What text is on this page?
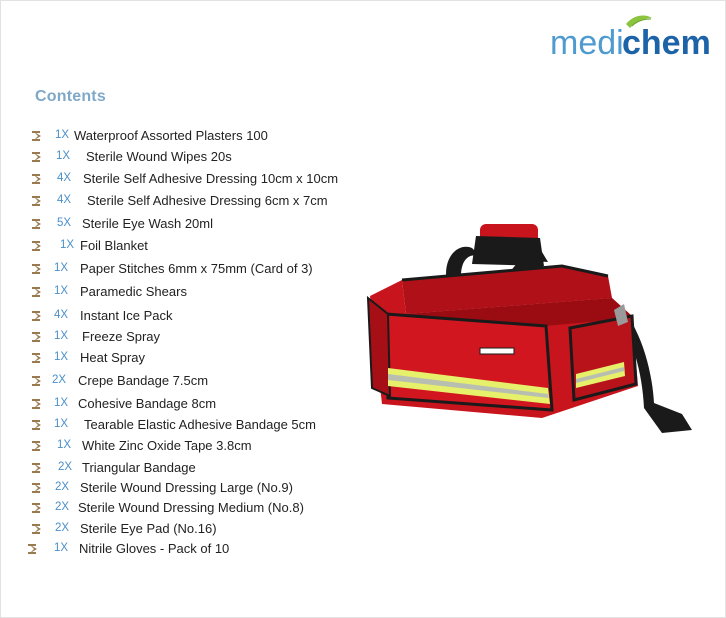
medi
chem
Contents
1X Waterproof Assorted Plasters 100
1X Sterile Wound Wipes 20s
4X Sterile Self Adhesive Dressing 10cm x 10cm
4X Sterile Self Adhesive Dressing 6cm x 7cm
5X Sterile Eye Wash 20ml
1X Foil Blanket
1X Paper Stitches 6mm x 75mm (Card of 3)
1X Paramedic Shears
4X Instant Ice Pack
1X Freeze Spray
1X Heat Spray
2X Crepe Bandage 7.5cm
1X Cohesive Bandage 8cm
1X Tearable Elastic Adhesive Bandage 5cm
1X White Zinc Oxide Tape 3.8cm
2X Triangular Bandage
2X Sterile Wound Dressing Large (No.9)
2X Sterile Wound Dressing Medium (No.8)
2X Sterile Eye Pad (No.16)
1X Nitrile Gloves - Pack of 10
